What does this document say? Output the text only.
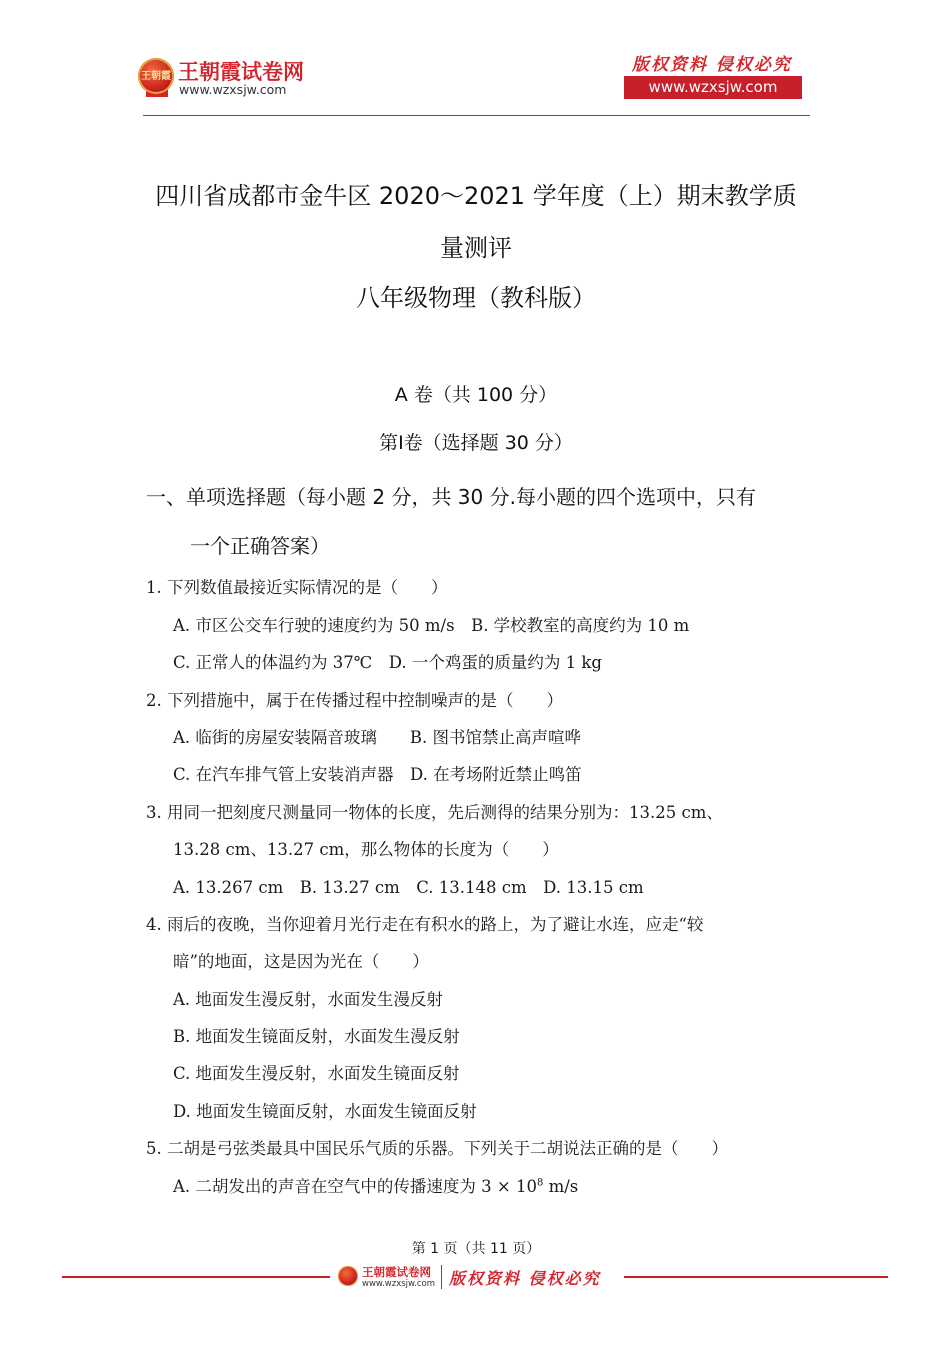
王朝霞 王朝霞试卷网
www.wzxsjw.com
版权资料 侵权必究
www.wzxsjw.com
四川省成都市金牛区 2020～2021 学年度（上）期末教学质
量测评
八年级物理（教科版）
A 卷（共 100 分）
第Ⅰ卷（选择题 30 分）
一、单项选择题（每小题 2 分，共 30 分.每小题的四个选项中，只有
一个正确答案）
1. 下列数值最接近实际情况的是（　　）
A. 市区公交车行驶的速度约为 50 m/s　B. 学校教室的高度约为 10 m
C. 正常人的体温约为 37℃　D. 一个鸡蛋的质量约为 1 kg
2. 下列措施中，属于在传播过程中控制噪声的是（　　）
A. 临街的房屋安装隔音玻璃　　B. 图书馆禁止高声喧哗
C. 在汽车排气管上安装消声器　D. 在考场附近禁止鸣笛
3. 用同一把刻度尺测量同一物体的长度，先后测得的结果分别为：13.25 cm、
13.28 cm、13.27 cm，那么物体的长度为（　　）
A. 13.267 cm　B. 13.27 cm　C. 13.148 cm　D. 13.15 cm
4. 雨后的夜晚，当你迎着月光行走在有积水的路上，为了避让水连，应走“较
暗”的地面，这是因为光在（　　）
A. 地面发生漫反射，水面发生漫反射
B. 地面发生镜面反射，水面发生漫反射
C. 地面发生漫反射，水面发生镜面反射
D. 地面发生镜面反射，水面发生镜面反射
5. 二胡是弓弦类最具中国民乐气质的乐器。下列关于二胡说法正确的是（　　）
A. 二胡发出的声音在空气中的传播速度为 $3 \times 10^8$ m/s
第 1 页（共 11 页）
王朝霞试卷网
www.wzxsjw.com 版权资料 侵权必究
